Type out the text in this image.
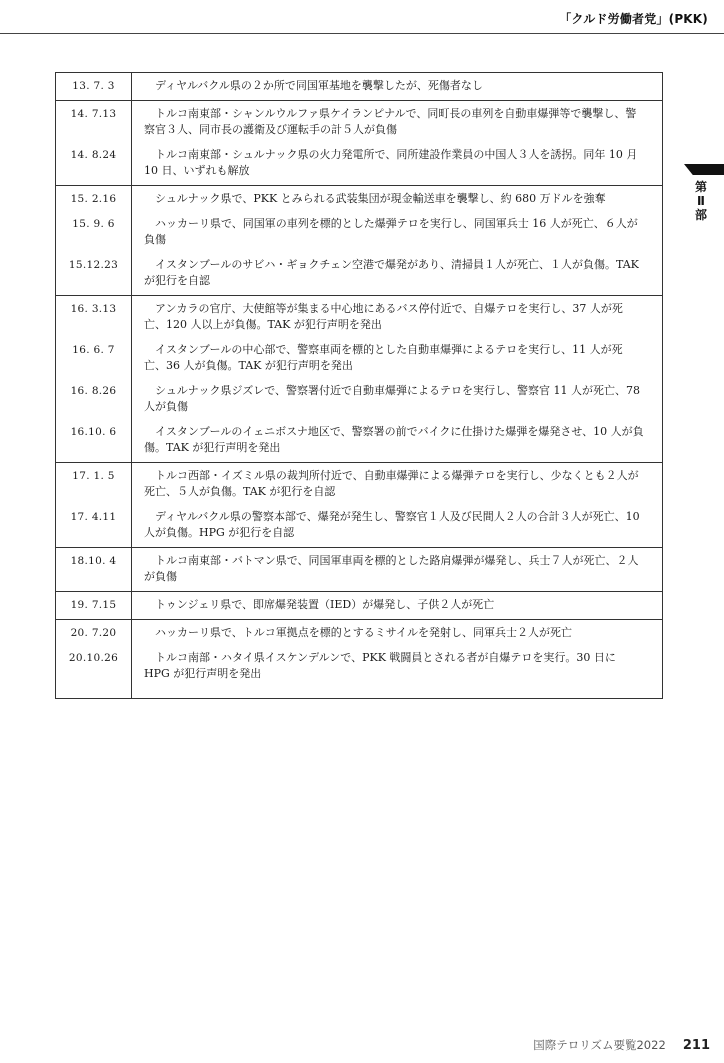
「クルド労働者党」(PKK)
第Ⅱ部
13. 7. 3	ディヤルバクル県の２か所で同国軍基地を襲撃したが、死傷者なし
14. 7.13	トルコ南東部・シャンルウルファ県ケイランピナルで、同町長の車列を自動車爆弾等で襲撃し、警察官３人、同市長の護衛及び運転手の計５人が負傷
14. 8.24	トルコ南東部・シュルナック県の火力発電所で、同所建設作業員の中国人３人を誘拐。同年 10 月 10 日、いずれも解放
15. 2.16	シュルナック県で、PKK とみられる武装集団が現金輸送車を襲撃し、約 680 万ドルを強奪
15. 9. 6	ハッカーリ県で、同国軍の車列を標的とした爆弾テロを実行し、同国軍兵士 16 人が死亡、６人が負傷
15.12.23	イスタンブールのサビハ・ギョクチェン空港で爆発があり、清掃員１人が死亡、１人が負傷。TAK が犯行を自認
16. 3.13	アンカラの官庁、大使館等が集まる中心地にあるバス停付近で、自爆テロを実行し、37 人が死亡、120 人以上が負傷。TAK が犯行声明を発出
16. 6. 7	イスタンブールの中心部で、警察車両を標的とした自動車爆弾によるテロを実行し、11 人が死亡、36 人が負傷。TAK が犯行声明を発出
16. 8.26	シュルナック県ジズレで、警察署付近で自動車爆弾によるテロを実行し、警察官 11 人が死亡、78 人が負傷
16.10. 6	イスタンブールのイェニボスナ地区で、警察署の前でバイクに仕掛けた爆弾を爆発させ、10 人が負傷。TAK が犯行声明を発出
17. 1. 5	トルコ西部・イズミル県の裁判所付近で、自動車爆弾による爆弾テロを実行し、少なくとも２人が死亡、５人が負傷。TAK が犯行を自認
17. 4.11	ディヤルバクル県の警察本部で、爆発が発生し、警察官１人及び民間人２人の合計３人が死亡、10 人が負傷。HPG が犯行を自認
18.10. 4	トルコ南東部・バトマン県で、同国軍車両を標的とした路肩爆弾が爆発し、兵士７人が死亡、２人が負傷
19. 7.15	トゥンジェリ県で、即席爆発装置（IED）が爆発し、子供２人が死亡
20. 7.20	ハッカーリ県で、トルコ軍拠点を標的とするミサイルを発射し、同軍兵士２人が死亡
20.10.26	トルコ南部・ハタイ県イスケンデルンで、PKK 戦闘員とされる者が自爆テロを実行。30 日に HPG が犯行声明を発出
国際テロリズム要覧2022 211
